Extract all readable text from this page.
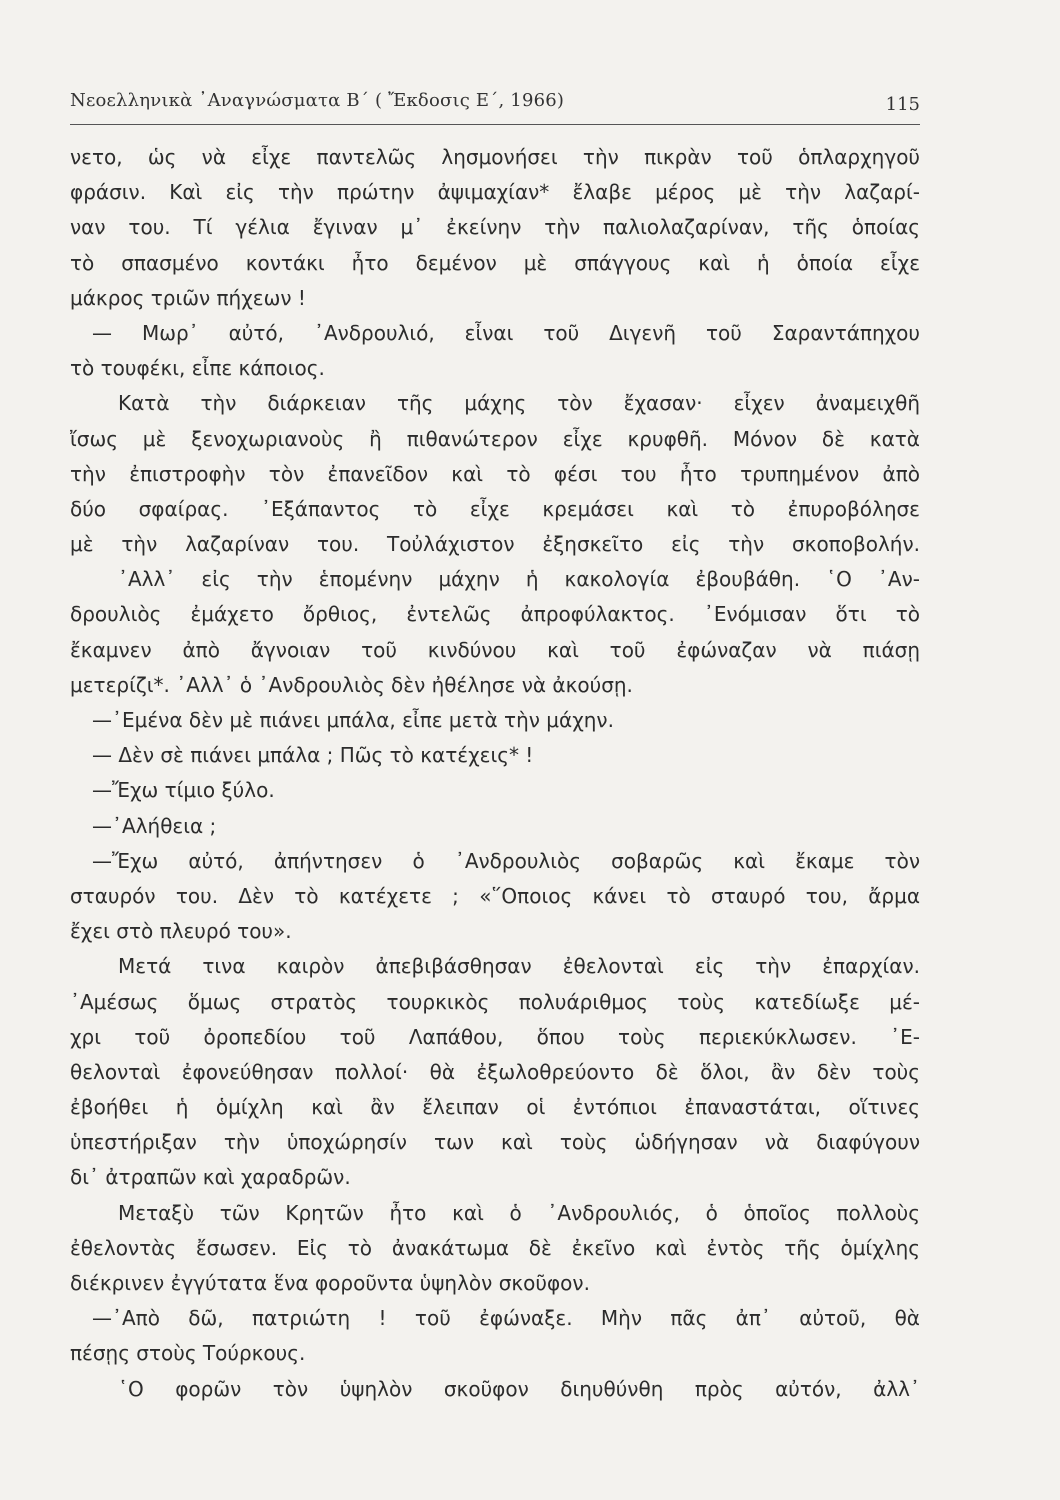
Νεοελληνικὰ ᾿Αναγνώσματα Β΄ ( Ἔκδοσις Ε΄, 1966)	115
νετο, ὡς νὰ εἶχε παντελῶς λησμονήσει τὴν πικρὰν τοῦ ὁπλαρχηγοῦ
φράσιν. Καὶ εἰς τὴν πρώτην ἀψιμαχίαν* ἔλαβε μέρος μὲ τὴν λαζαρί-
ναν του. Τί γέλια ἔγιναν μ᾿ ἐκείνην τὴν παλιολαζαρίναν, τῆς ὁποίας
τὸ σπασμένο κοντάκι ἦτο δεμένον μὲ σπάγγους καὶ ἡ ὁποία εἶχε
μάκρος τριῶν πήχεων !
— Μωρ᾿ αὐτό, ᾿Ανδρουλιό, εἶναι τοῦ Διγενῆ τοῦ Σαραντάπηχου
τὸ τουφέκι, εἶπε κάποιος.
Κατὰ τὴν διάρκειαν τῆς μάχης τὸν ἔχασαν· εἶχεν ἀναμειχθῆ
ἴσως μὲ ξενοχωριανοὺς ἢ πιθανώτερον εἶχε κρυφθῆ. Μόνον δὲ κατὰ
τὴν ἐπιστροφὴν τὸν ἐπανεῖδον καὶ τὸ φέσι του ἦτο τρυπημένον ἀπὸ
δύο σφαίρας. ᾿Εξάπαντος τὸ εἶχε κρεμάσει καὶ τὸ ἐπυροβόλησε
μὲ τὴν λαζαρίναν του. Τοὐλάχιστον ἐξησκεῖτο εἰς τὴν σκοποβολήν.
᾿Αλλ᾿ εἰς τὴν ἑπομένην μάχην ἡ κακολογία ἐβουβάθη. ῾Ο ᾿Αν-
δρουλιὸς ἐμάχετο ὄρθιος, ἐντελῶς ἀπροφύλακτος. ᾿Ενόμισαν ὅτι τὸ
ἔκαμνεν ἀπὸ ἄγνοιαν τοῦ κινδύνου καὶ τοῦ ἐφώναζαν νὰ πιάσῃ
μετερίζι*. ᾿Αλλ᾿ ὁ ᾿Ανδρουλιὸς δὲν ἠθέλησε νὰ ἀκούσῃ.
—᾿Εμένα δὲν μὲ πιάνει μπάλα, εἶπε μετὰ τὴν μάχην.
— Δὲν σὲ πιάνει μπάλα ; Πῶς τὸ κατέχεις* !
—Ἔχω τίμιο ξύλο.
—᾿Αλήθεια ;
—Ἔχω αὐτό, ἀπήντησεν ὁ ᾿Ανδρουλιὸς σοβαρῶς καὶ ἔκαμε τὸν
σταυρόν του. Δὲν τὸ κατέχετε ; «῞Οποιος κάνει τὸ σταυρό του, ἄρμα
ἔχει στὸ πλευρό του».
Μετά τινα καιρὸν ἀπεβιβάσθησαν ἐθελονταὶ εἰς τὴν ἐπαρχίαν.
᾿Αμέσως ὅμως στρατὸς τουρκικὸς πολυάριθμος τοὺς κατεδίωξε μέ-
χρι τοῦ ὀροπεδίου τοῦ Λαπάθου, ὅπου τοὺς περιεκύκλωσεν. ᾿Ε-
θελονταὶ ἐφονεύθησαν πολλοί· θὰ ἐξωλοθρεύοντο δὲ ὅλοι, ἂν δὲν τοὺς
ἐβοήθει ἡ ὁμίχλη καὶ ἂν ἔλειπαν οἱ ἐντόπιοι ἐπαναστάται, οἵτινες
ὑπεστήριξαν τὴν ὑποχώρησίν των καὶ τοὺς ὡδήγησαν νὰ διαφύγουν
δι᾿ ἀτραπῶν καὶ χαραδρῶν.
Μεταξὺ τῶν Κρητῶν ἦτο καὶ ὁ ᾿Ανδρουλιός, ὁ ὁποῖος πολλοὺς
ἐθελοντὰς ἔσωσεν. Εἰς τὸ ἀνακάτωμα δὲ ἐκεῖνο καὶ ἐντὸς τῆς ὁμίχλης
διέκρινεν ἐγγύτατα ἕνα φοροῦντα ὑψηλὸν σκοῦφον.
—᾿Απὸ δῶ, πατριώτη ! τοῦ ἐφώναξε. Μὴν πᾶς ἀπ᾿ αὐτοῦ, θὰ
πέσῃς στοὺς Τούρκους.
῾Ο φορῶν τὸν ὑψηλὸν σκοῦφον διηυθύνθη πρὸς αὐτόν, ἀλλ᾿
